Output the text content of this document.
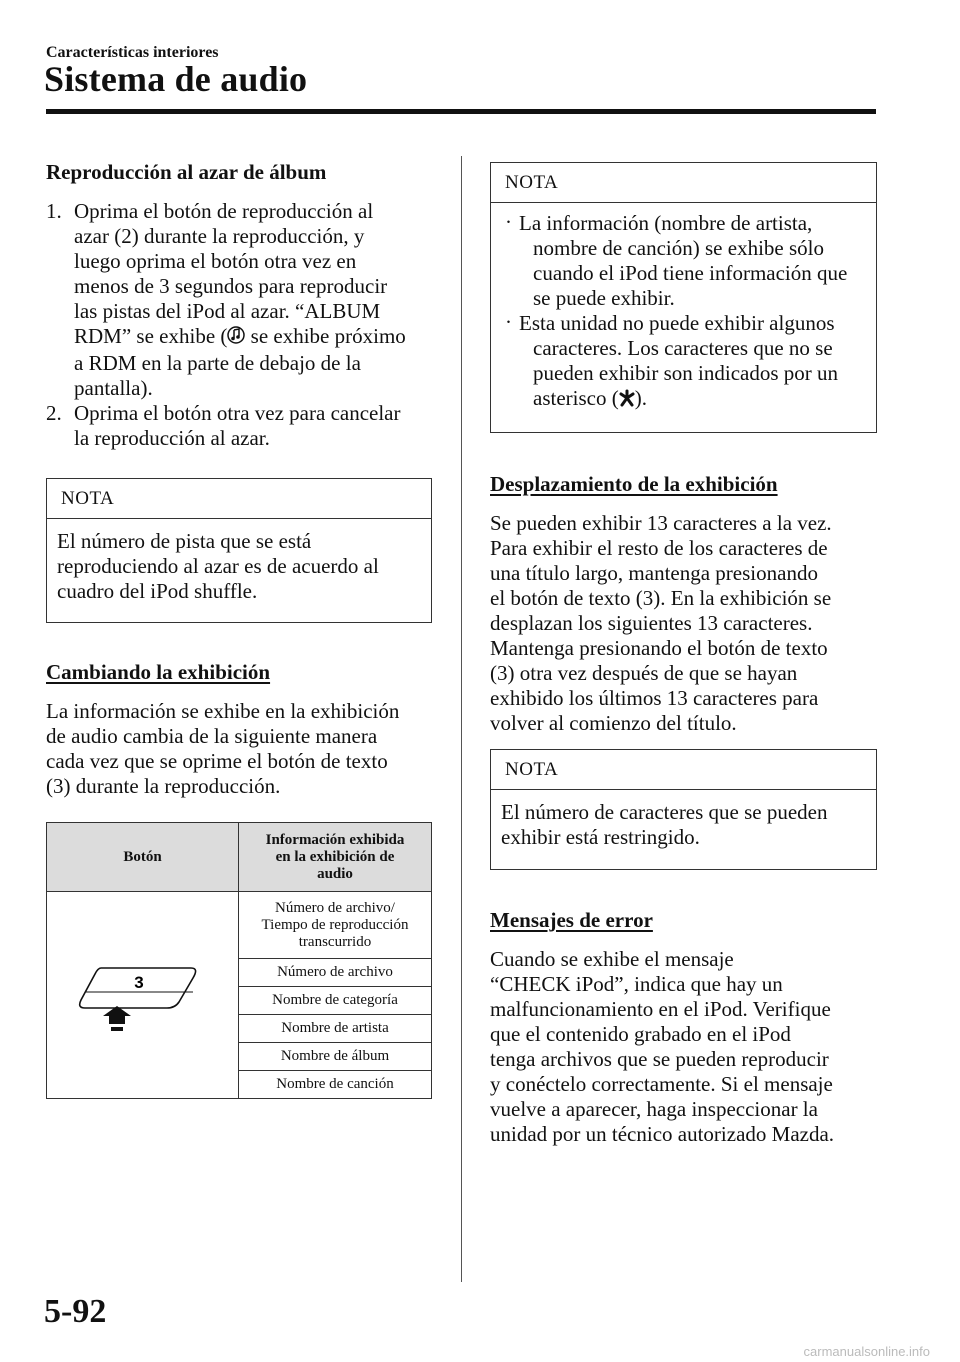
Características interiores
Sistema de audio
Reproducción al azar de álbum
1. Oprima el botón de reproducción al
azar (2) durante la reproducción, y
luego oprima el botón otra vez en
menos de 3 segundos para reproducir
las pistas del iPod al azar. “ALBUM
RDM” se exhibe ( se exhibe próximo
a RDM en la parte de debajo de la
pantalla).
2. Oprima el botón otra vez para cancelar
la reproducción al azar.
NOTA
El número de pista que se está
reproduciendo al azar es de acuerdo al
cuadro del iPod shuffle.
Cambiando la exhibición
La información se exhibe en la exhibición
de audio cambia de la siguiente manera
cada vez que se oprime el botón de texto
(3) durante la reproducción.
Botón	Información exhibida
en la exhibición de
audio

3	Número de archivo/
Tiempo de reproducción
transcurrido

	Número de archivo
	Nombre de categoría
	Nombre de artista
	Nombre de álbum
	Nombre de canción
NOTA
· La información (nombre de artista,
nombre de canción) se exhibe sólo
cuando el iPod tiene información que
se puede exhibir.
· Esta unidad no puede exhibir algunos
caracteres. Los caracteres que no se
pueden exhibir son indicados por un
asterisco ( ).
Desplazamiento de la exhibición
Se pueden exhibir 13 caracteres a la vez.
Para exhibir el resto de los caracteres de
una título largo, mantenga presionando
el botón de texto (3). En la exhibición se
desplazan los siguientes 13 caracteres.
Mantenga presionando el botón de texto
(3) otra vez después de que se hayan
exhibido los últimos 13 caracteres para
volver al comienzo del título.
NOTA
El número de caracteres que se pueden
exhibir está restringido.
Mensajes de error
Cuando se exhibe el mensaje
“CHECK iPod”, indica que hay un
malfuncionamiento en el iPod. Verifique
que el contenido grabado en el iPod
tenga archivos que se pueden reproducir
y conéctelo correctamente. Si el mensaje
vuelve a aparecer, haga inspeccionar la
unidad por un técnico autorizado Mazda.
5-92
carmanualsonline.info
